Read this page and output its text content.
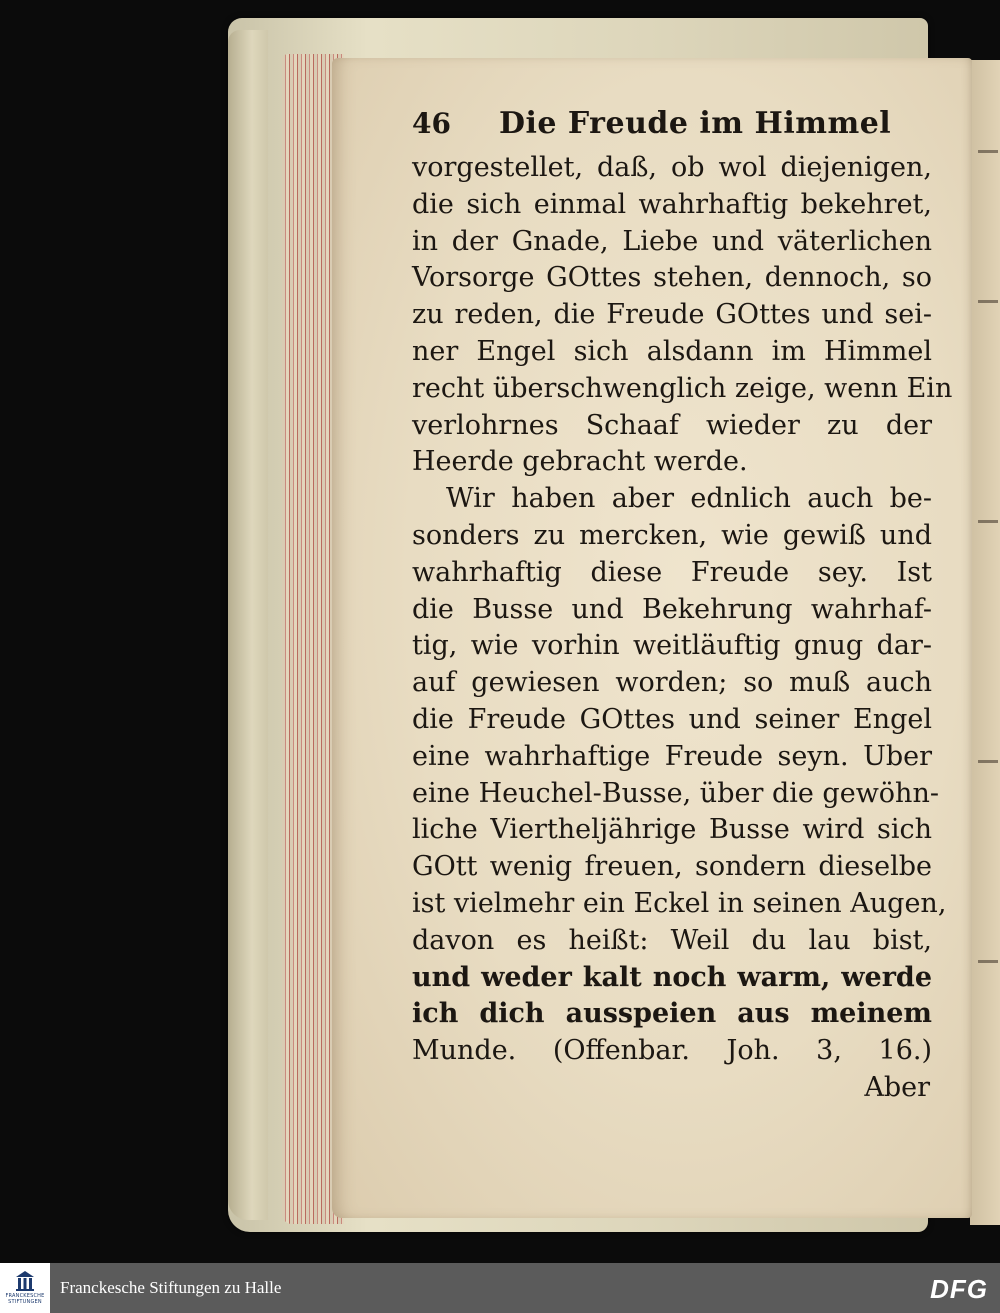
46 Die Freude im Himmel
vorgestellet, daß, ob wol diejenigen,
die sich einmal wahrhaftig bekehret,
in der Gnade, Liebe und väterlichen
Vorsorge GOttes stehen, dennoch, so
zu reden, die Freude GOttes und sei-
ner Engel sich alsdann im Himmel
recht überschwenglich zeige, wenn Ein
verlohrnes Schaaf wieder zu der
Heerde gebracht werde.
Wir haben aber ednlich auch be-
sonders zu mercken, wie gewiß und
wahrhaftig diese Freude sey. Ist
die Busse und Bekehrung wahrhaf-
tig, wie vorhin weitläuftig gnug dar-
auf gewiesen worden; so muß auch
die Freude GOttes und seiner Engel
eine wahrhaftige Freude seyn. Uber
eine Heuchel-Busse, über die gewöhn-
liche Viertheljährige Busse wird sich
GOtt wenig freuen, sondern dieselbe
ist vielmehr ein Eckel in seinen Augen,
davon es heißt: Weil du lau bist,
und weder kalt noch warm, werde
ich dich ausspeien aus meinem
Munde. (Offenbar. Joh. 3, 16.)
Aber
FRANCKESCHE
STIFTUNGEN
Franckesche Stiftungen zu Halle	DFG
